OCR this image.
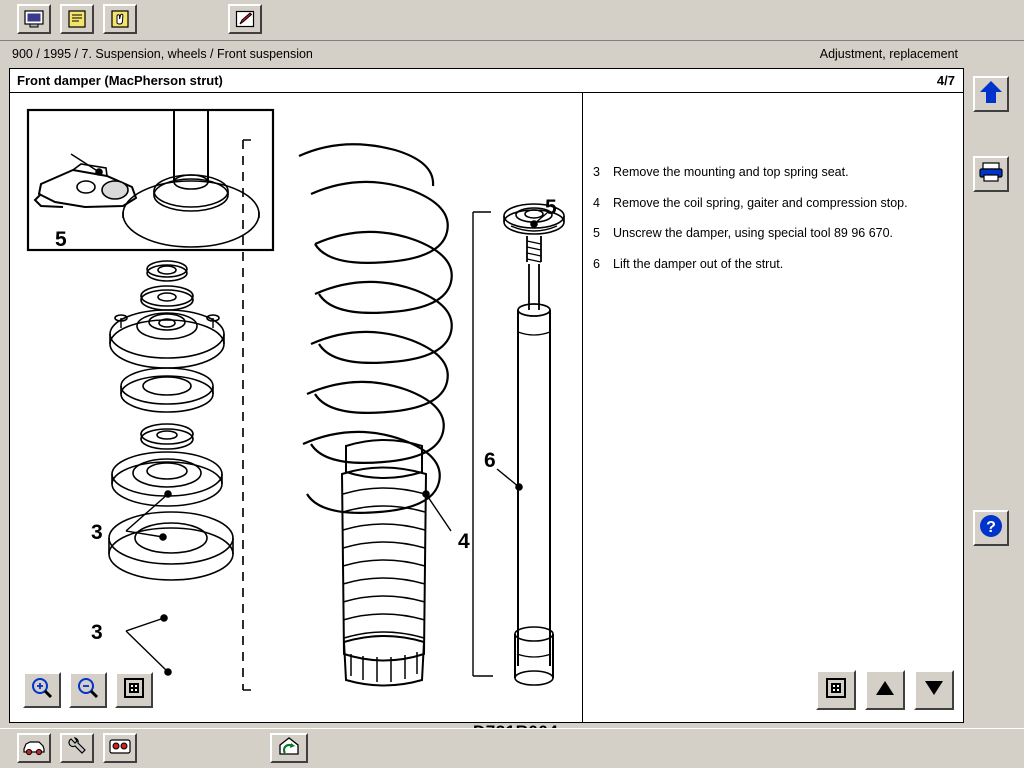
900 / 1995 / 7. Suspension, wheels / Front suspension	Adjustment, replacement
Front damper (MacPherson strut)	4/7
5
3
3
4
5
6
3	Remove the mounting and top spring seat.
4	Remove the coil spring, gaiter and compression stop.
5	Unscrew the damper, using special tool 89 96 670.
6	Lift the damper out of the strut.
?
